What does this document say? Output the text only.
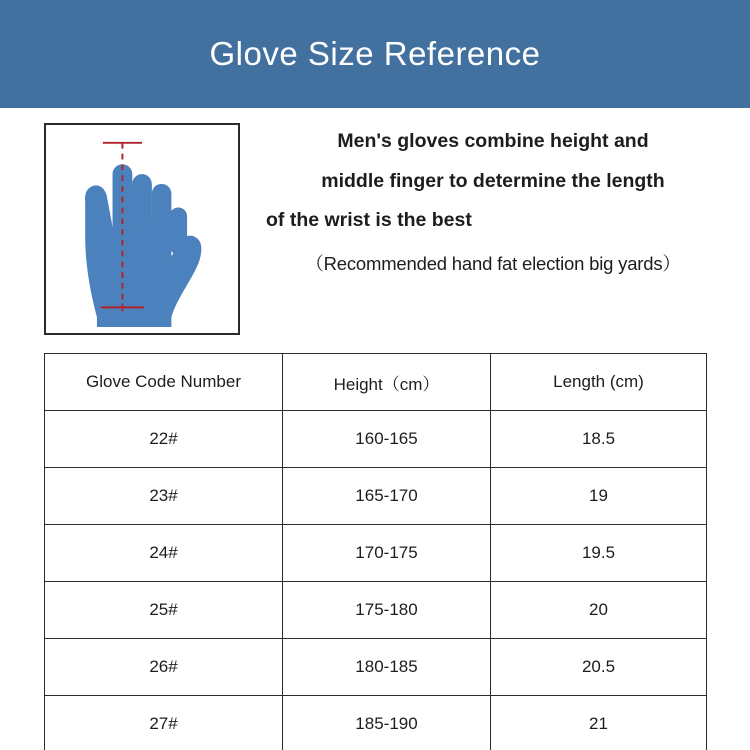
Glove Size Reference

Men's gloves combine height and

middle finger to determine the length

of the wrist is the best

（Recommended hand fat election big yards）

Glove Code Number	Height（cm）	Length (cm)
22#	160-165	18.5
23#	165-170	19
24#	170-175	19.5
25#	175-180	20
26#	180-185	20.5
27#	185-190	21
